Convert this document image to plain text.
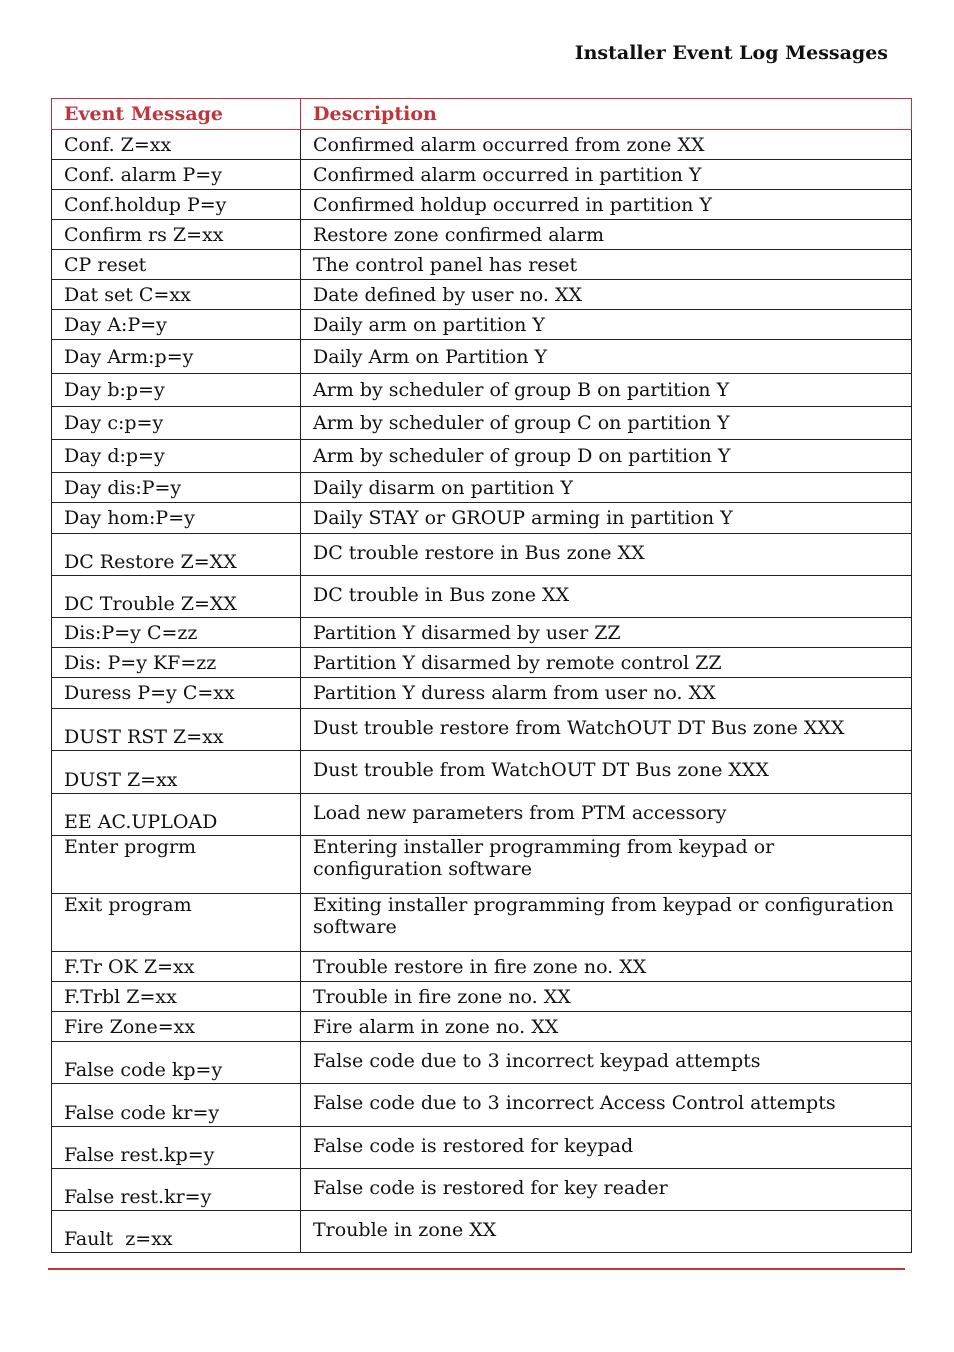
Installer Event Log Messages
Event Message	Description
Conf. Z=xx	Confirmed alarm occurred from zone XX
Conf. alarm P=y	Confirmed alarm occurred in partition Y
Conf.holdup P=y	Confirmed holdup occurred in partition Y
Confirm rs Z=xx	Restore zone confirmed alarm
CP reset	The control panel has reset
Dat set C=xx	Date defined by user no. XX
Day A:P=y	Daily arm on partition Y
Day Arm:p=y	Daily Arm on Partition Y
Day b:p=y	Arm by scheduler of group B on partition Y
Day c:p=y	Arm by scheduler of group C on partition Y
Day d:p=y	Arm by scheduler of group D on partition Y
Day dis:P=y	Daily disarm on partition Y
Day hom:P=y	Daily STAY or GROUP arming in partition Y
DC Restore Z=XX	DC trouble restore in Bus zone XX
DC Trouble Z=XX	DC trouble in Bus zone XX
Dis:P=y C=zz	Partition Y disarmed by user ZZ
Dis: P=y KF=zz	Partition Y disarmed by remote control ZZ
Duress P=y C=xx	Partition Y duress alarm from user no. XX
DUST RST Z=xx	Dust trouble restore from WatchOUT DT Bus zone XXX
DUST Z=xx	Dust trouble from WatchOUT DT Bus zone XXX
EE AC.UPLOAD	Load new parameters from PTM accessory
Enter progrm	Entering installer programming from keypad or configuration software
Exit program	Exiting installer programming from keypad or configuration software
F.Tr OK Z=xx	Trouble restore in fire zone no. XX
F.Trbl Z=xx	Trouble in fire zone no. XX
Fire Zone=xx	Fire alarm in zone no. XX
False code kp=y	False code due to 3 incorrect keypad attempts
False code kr=y	False code due to 3 incorrect Access Control attempts
False rest.kp=y	False code is restored for keypad
False rest.kr=y	False code is restored for key reader
Fault  z=xx	Trouble in zone XX
